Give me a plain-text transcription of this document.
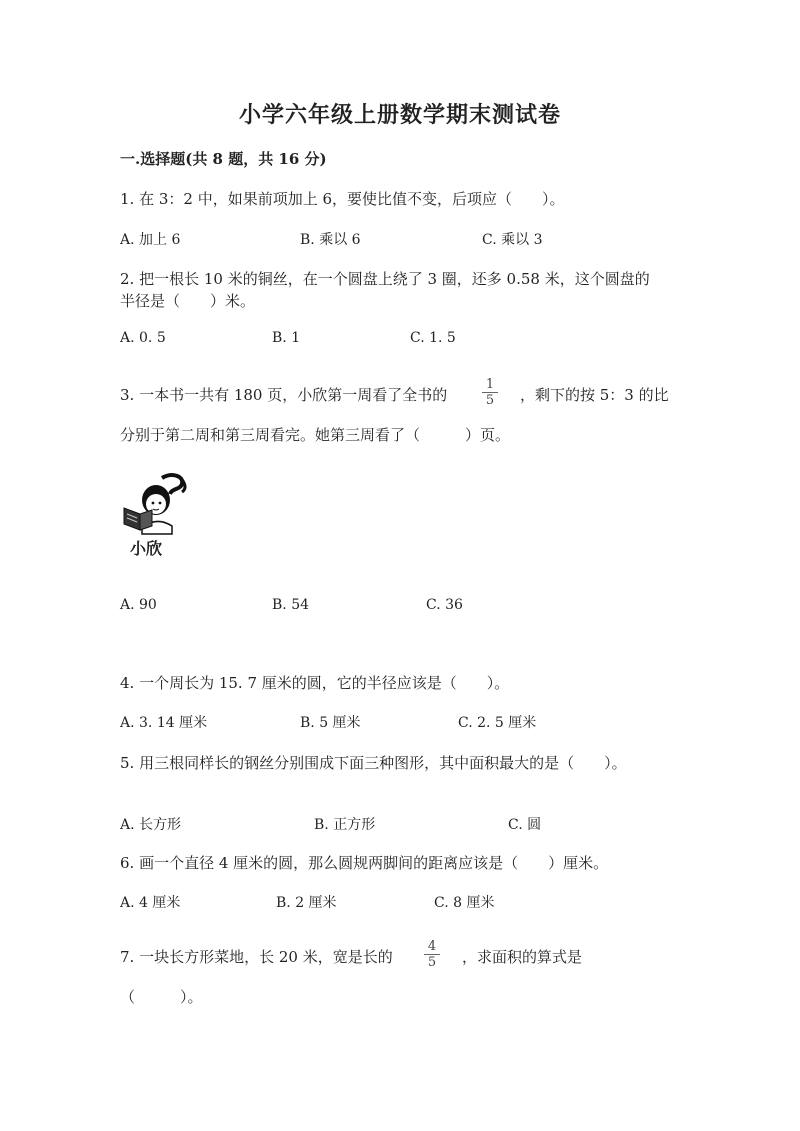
小学六年级上册数学期末测试卷
一.选择题(共 8 题，共 16 分)
1. 在 3：2 中，如果前项加上 6，要使比值不变，后项应（　　）。
A. 加上 6	B. 乘以 6	C. 乘以 3
2. 把一根长 10 米的铜丝，在一个圆盘上绕了 3 圈，还多 0.58 米，这个圆盘的
半径是（　　）米。
A. 0. 5	B. 1	C. 1. 5
3. 一本书一共有 180 页，小欣第一周看了全书的
1
5 ，剩下的按 5：3 的比
分别于第二周和第三周看完。她第三周看了（　　　）页。
小欣
A. 90	B. 54	C. 36
4. 一个周长为 15. 7 厘米的圆，它的半径应该是（　　）。
A. 3. 14 厘米	B. 5 厘米	C. 2. 5 厘米
5. 用三根同样长的钢丝分别围成下面三种图形，其中面积最大的是（　　）。
A. 长方形	B. 正方形	C. 圆
6. 画一个直径 4 厘米的圆，那么圆规两脚间的距离应该是（　　）厘米。
A. 4 厘米	B. 2 厘米	C. 8 厘米
7. 一块长方形菜地，长 20 米，宽是长的
4
5 ，求面积的算式是
（　　　）。
